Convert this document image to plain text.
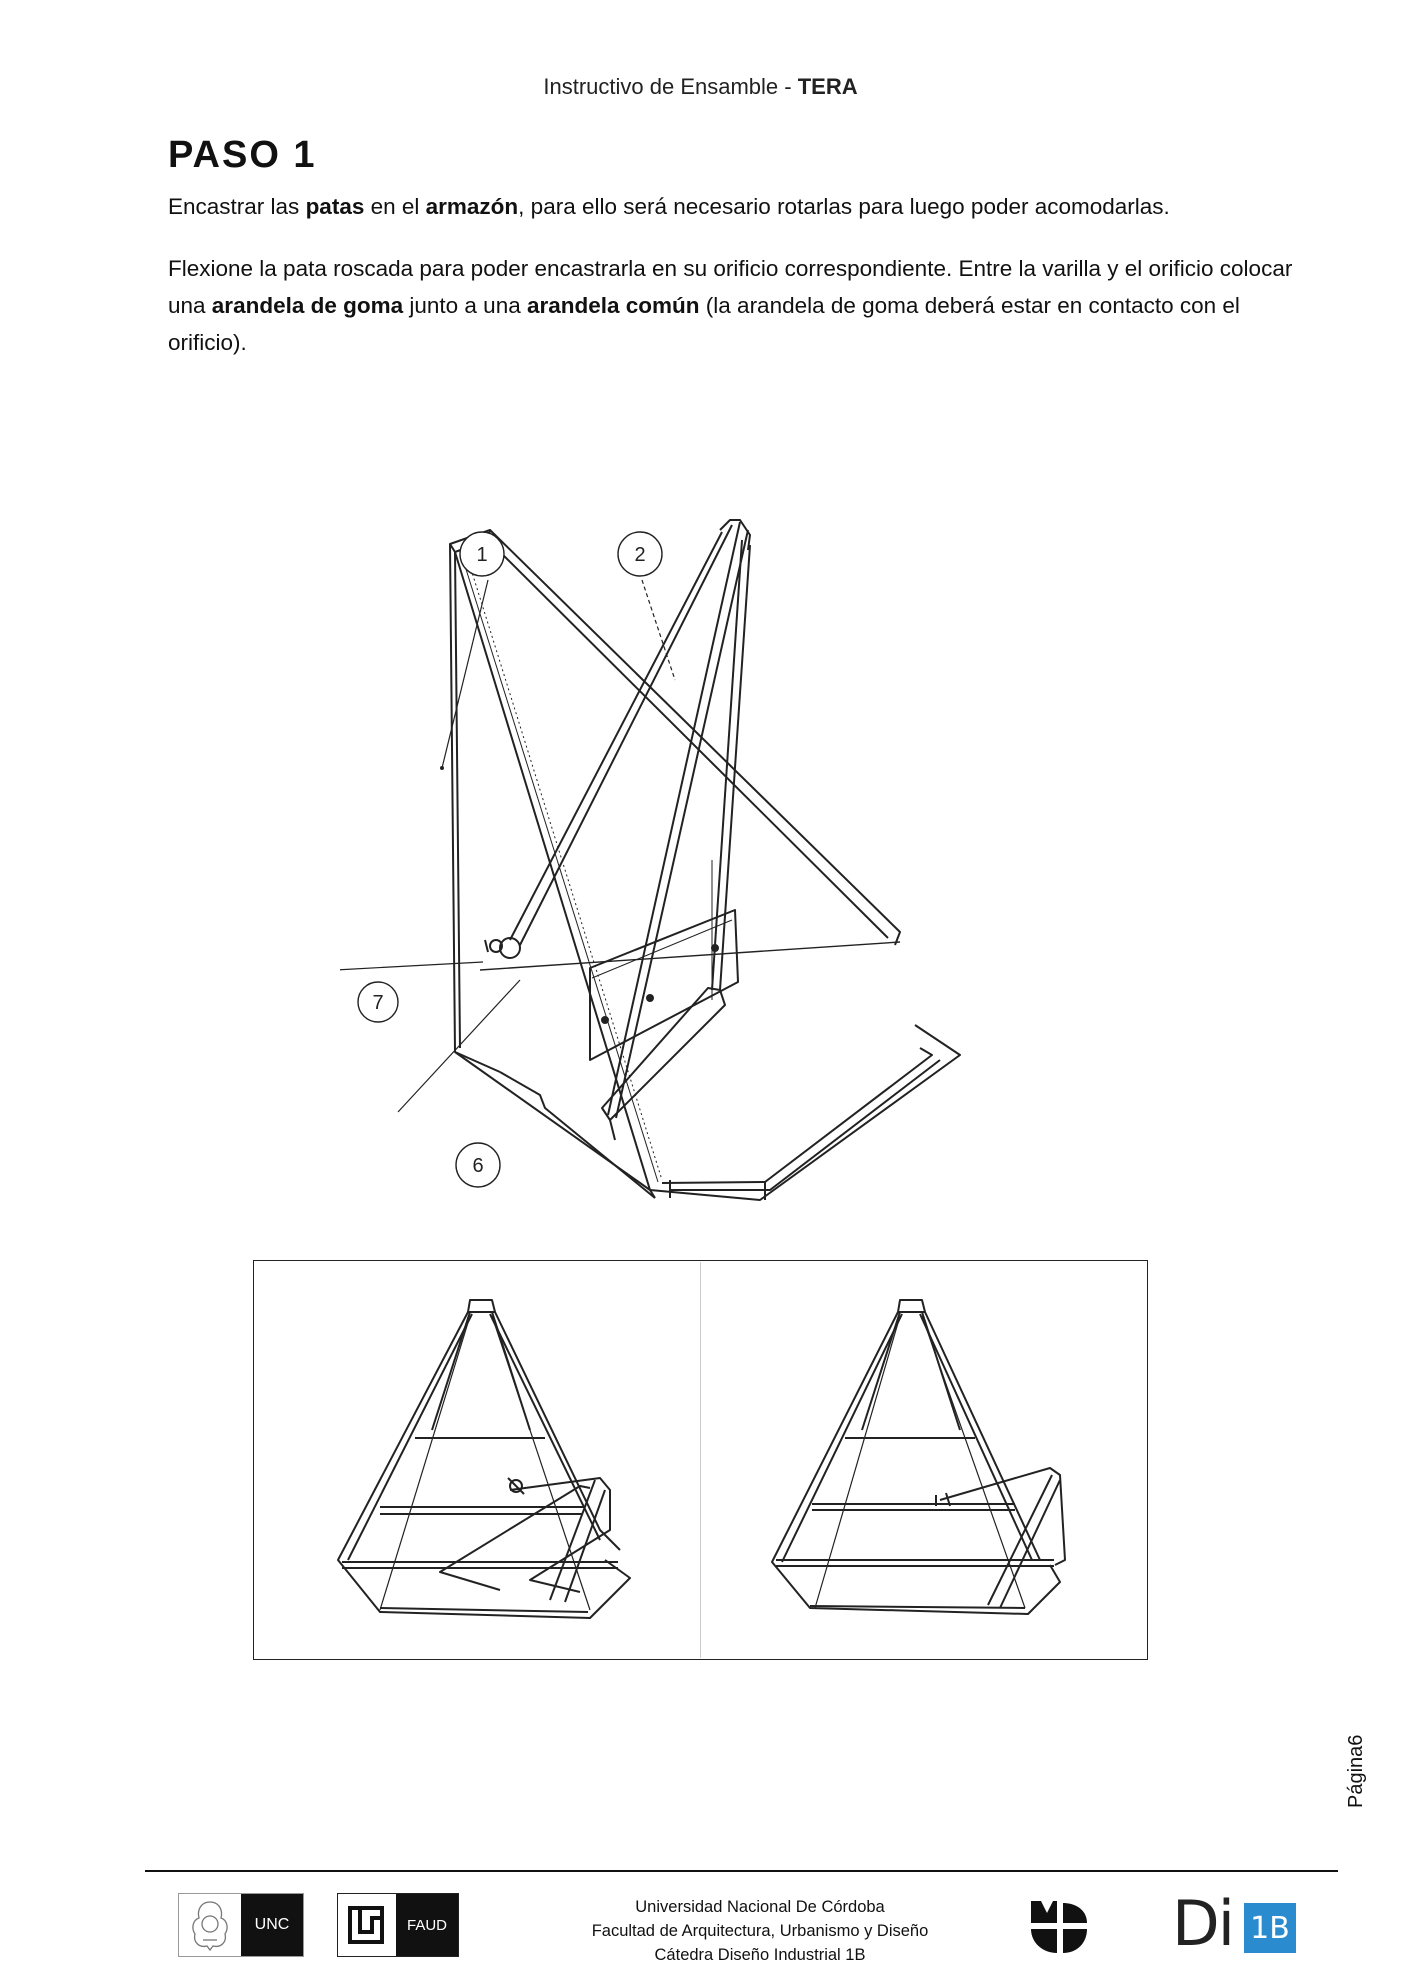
Instructivo de Ensamble - TERA
PASO 1
Encastrar las patas en el armazón, para ello será necesario rotarlas para luego poder acomodarlas.
Flexione la pata roscada para poder encastrarla en su orificio correspondiente. Entre la varilla y el orificio colocar una arandela de goma junto a una arandela común (la arandela de goma deberá estar en contacto con el orificio).
1	2
7
6
Página6
UNC	FAUD
Universidad Nacional De Córdoba
Facultad de Arquitectura, Urbanismo y Diseño
Cátedra Diseño Industrial 1B	Di 1B
